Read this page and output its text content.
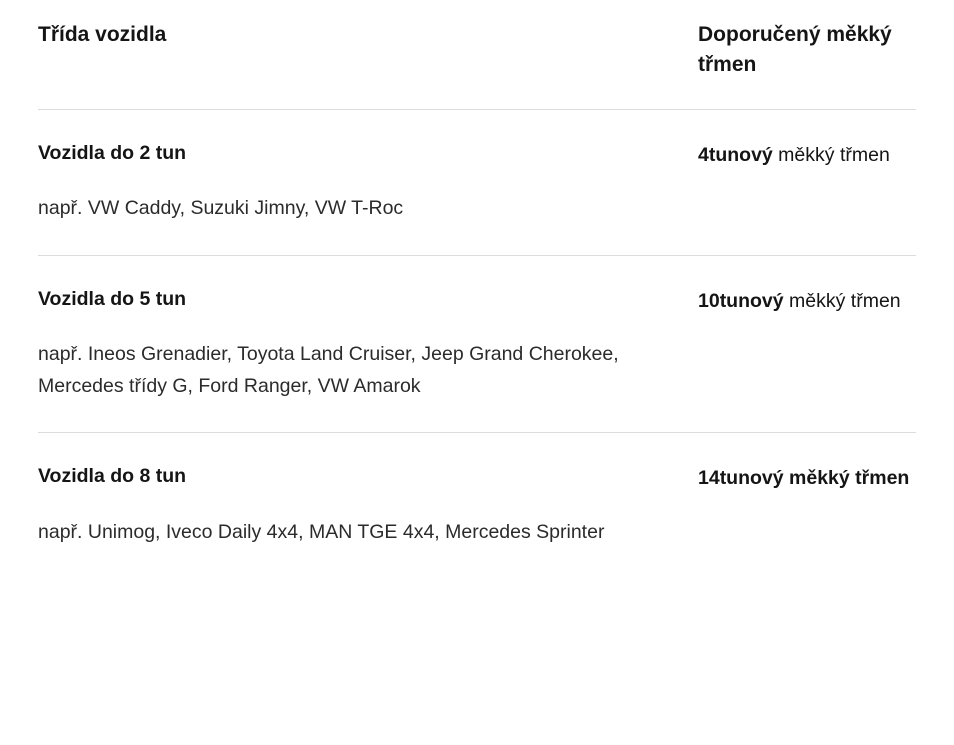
Třída vozidla	Doporučený měkký třmen

Vozidla do 2 tun

např. VW Caddy, Suzuki Jimny, VW T-Roc

4tunový měkký třmen

Vozidla do 5 tun

např. Ineos Grenadier, Toyota Land Cruiser, Jeep Grand Cherokee, Mercedes třídy G, Ford Ranger, VW Amarok

10tunový měkký třmen

Vozidla do 8 tun

např. Unimog, Iveco Daily 4x4, MAN TGE 4x4, Mercedes Sprinter

14tunový měkký třmen
